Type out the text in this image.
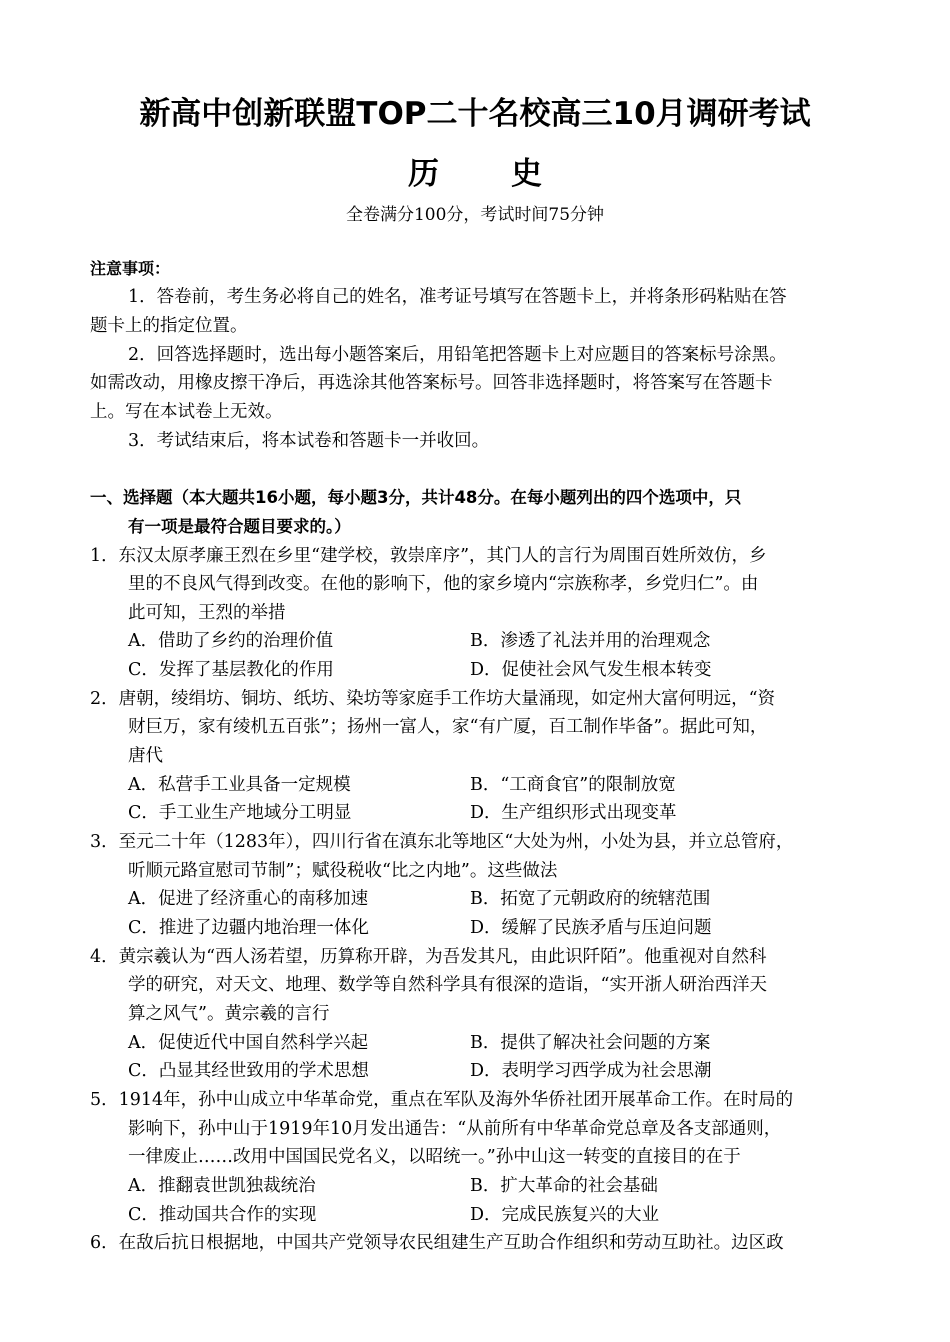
新高中创新联盟TOP二十名校高三10月调研考试
历史
全卷满分100分，考试时间75分钟
注意事项：
1．答卷前，考生务必将自己的姓名，准考证号填写在答题卡上，并将条形码粘贴在答
题卡上的指定位置。
2．回答选择题时，选出每小题答案后，用铅笔把答题卡上对应题目的答案标号涂黑。
如需改动，用橡皮擦干净后，再选涂其他答案标号。回答非选择题时，将答案写在答题卡
上。写在本试卷上无效。
3．考试结束后，将本试卷和答题卡一并收回。
一、选择题（本大题共16小题，每小题3分，共计48分。在每小题列出的四个选项中，只
有一项是最符合题目要求的。）
1．东汉太原孝廉王烈在乡里“建学校，敦崇庠序”，其门人的言行为周围百姓所效仿，乡
里的不良风气得到改变。在他的影响下，他的家乡境内“宗族称孝，乡党归仁”。由
此可知，王烈的举措
A．借助了乡约的治理价值	B．渗透了礼法并用的治理观念
C．发挥了基层教化的作用	D．促使社会风气发生根本转变
2．唐朝，绫绢坊、铜坊、纸坊、染坊等家庭手工作坊大量涌现，如定州大富何明远，“资
财巨万，家有绫机五百张”；扬州一富人，家“有广厦，百工制作毕备”。据此可知，
唐代
A．私营手工业具备一定规模	B．“工商食官”的限制放宽
C．手工业生产地域分工明显	D．生产组织形式出现变革
3．至元二十年（1283年），四川行省在滇东北等地区“大处为州，小处为县，并立总管府，
听顺元路宣慰司节制”；赋役税收“比之内地”。这些做法
A．促进了经济重心的南移加速	B．拓宽了元朝政府的统辖范围
C．推进了边疆内地治理一体化	D．缓解了民族矛盾与压迫问题
4．黄宗羲认为“西人汤若望，历算称开辟，为吾发其凡，由此识阡陌”。他重视对自然科
学的研究，对天文、地理、数学等自然科学具有很深的造诣，“实开浙人研治西洋天
算之风气”。黄宗羲的言行
A．促使近代中国自然科学兴起	B．提供了解决社会问题的方案
C．凸显其经世致用的学术思想	D．表明学习西学成为社会思潮
5．1914年，孙中山成立中华革命党，重点在军队及海外华侨社团开展革命工作。在时局的
影响下，孙中山于1919年10月发出通告：“从前所有中华革命党总章及各支部通则，
一律废止……改用中国国民党名义，以昭统一。”孙中山这一转变的直接目的在于
A．推翻袁世凯独裁统治	B．扩大革命的社会基础
C．推动国共合作的实现	D．完成民族复兴的大业
6．在敌后抗日根据地，中国共产党领导农民组建生产互助合作组织和劳动互助社。边区政
